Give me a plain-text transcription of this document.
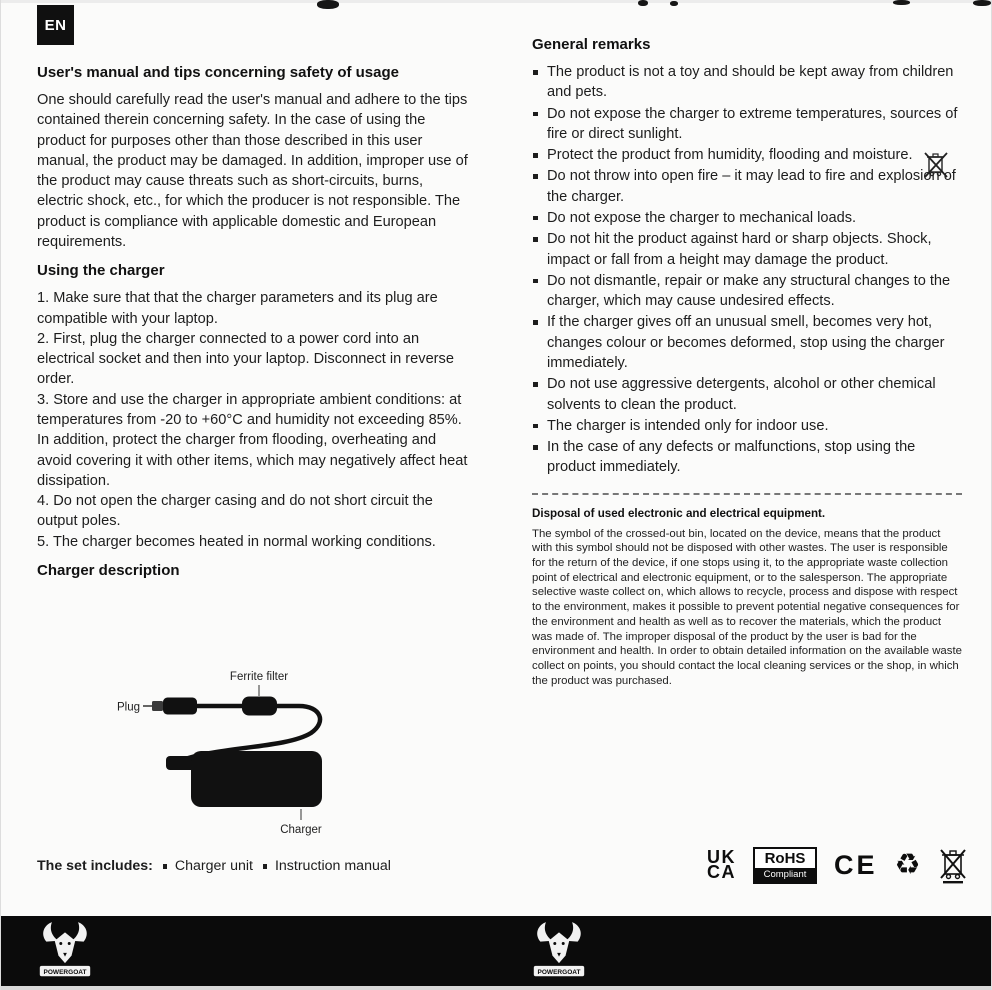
EN
User's manual and tips concerning safety of usage

One should carefully read the user's manual and adhere to the tips contained therein concerning safety. In the case of using the product for purposes other than those described in this user manual, the product may be damaged. In addition, improper use of the product may cause threats such as short-circuits, burns, electric shock, etc., for which the producer is not responsible. The product is compliance with applicable domestic and European requirements.

Using the charger
1. Make sure that that the charger parameters and its plug are compatible with your laptop.
2. First, plug the charger connected to a power cord into an electrical socket and then into your laptop. Disconnect in reverse order.
3. Store and use the charger in appropriate ambient conditions: at temperatures from -20 to +60°C and humidity not exceeding 85%. In addition, protect the charger from flooding, overheating and avoid covering it with other items, which may negatively affect heat dissipation.
4. Do not open the charger casing and do not short circuit the output poles.
5. The charger becomes heated in normal working conditions.
Charger description
Ferrite filter
Plug
Charger
The set includes: Charger unit Instruction manual
General remarks
The product is not a toy and should be kept away from children and pets.
Do not expose the charger to extreme temperatures, sources of fire or direct sunlight.
Protect the product from humidity, flooding and moisture.
Do not throw into open fire – it may lead to fire and explosion of the charger.
Do not expose the charger to mechanical loads.
Do not hit the product against hard or sharp objects. Shock, impact or fall from a height may damage the product.
Do not dismantle, repair or make any structural changes to the charger, which may cause undesired effects.
If the charger gives off an unusual smell, becomes very hot, changes colour or becomes deformed, stop using the charger immediately.
Do not use aggressive detergents, alcohol or other chemical solvents to clean the product.
The charger is intended only for indoor use.
In the case of any defects or malfunctions, stop using the product immediately.
Disposal of used electronic and electrical equipment.

The symbol of the crossed-out bin, located on the device, means that the product with this symbol should not be disposed with other wastes. The user is responsible for the return of the device, if one stops using it, to the appropriate waste collection point of electrical and electronic equipment, or to the salesperson. The appropriate selective waste collect on, which allows to recycle, process and dispose with respect to the environment, makes it possible to prevent potential negative consequences for the environment and health as well as to recover the materials, which the product was made of. The improper disposal of the product by the user is bad for the environment and health. In order to obtain detailed information on the available waste collect on points, you should contact the local cleaning services or the shop, in which the product was purchased.

UK
CA
RoHS
Compliant	CE ♻
POWERGOAT	POWERGOAT
